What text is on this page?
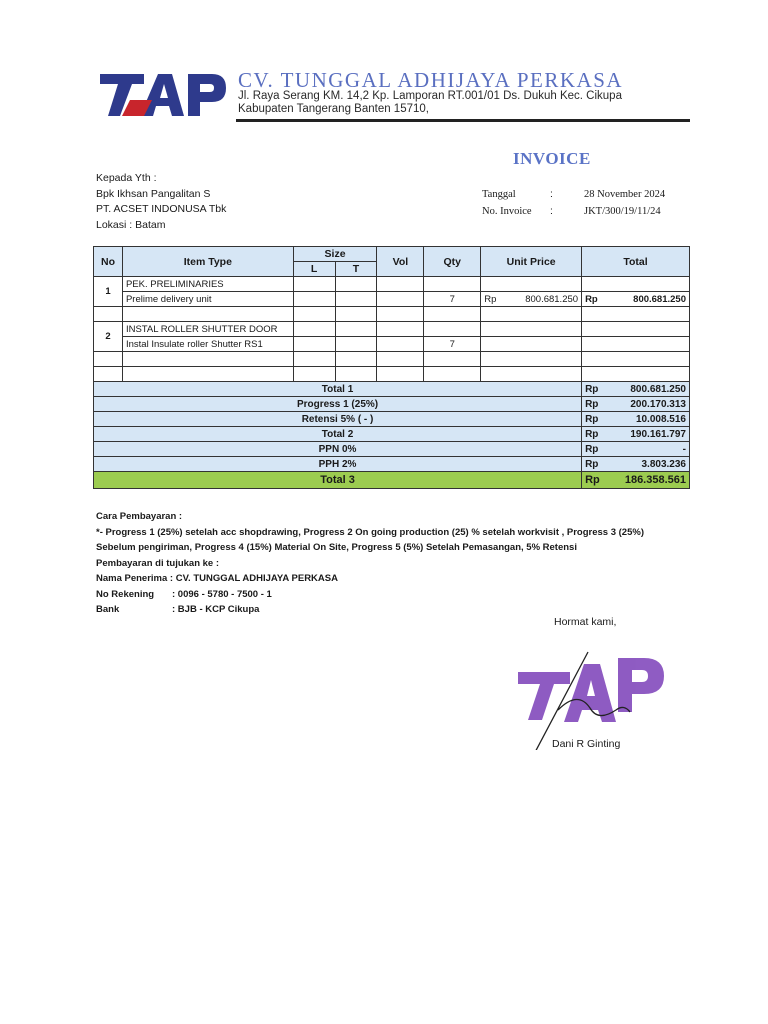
CV. TUNGGAL ADHIJAYA PERKASA
Jl. Raya Serang KM. 14,2 Kp. Lamporan RT.001/01 Ds. Dukuh Kec. Cikupa
Kabupaten Tangerang Banten 15710,
INVOICE
Kepada Yth :
Bpk Ikhsan Pangalitan S
PT. ACSET INDONUSA Tbk
Lokasi : Batam
Tanggal	:	28 November 2024
No. Invoice :	JKT/300/19/11/24
No	Item Type	Size		Vol	Qty	Unit Price	Total
		L	T				
1	PEK. PRELIMINARIES						
	Prelime delivery unit				7	Rp 800.681.250	Rp 800.681.250

2	INSTAL ROLLER SHUTTER DOOR						
	Instal Insulate roller Shutter RS1				7		

Total 1							Rp 800.681.250

Progress 1 (25%)							Rp 200.170.313

Retensi 5% ( - )							Rp 10.008.516

Total 2							Rp 190.161.797

PPN 0%							Rp -

PPH 2%							Rp 3.803.236

Total 3							Rp 186.358.561
Cara Pembayaran :
*- Progress 1 (25%) setelah acc shopdrawing, Progress 2 On going production (25) % setelah workvisit , Progress 3 (25%)
Sebelum pengiriman, Progress 4 (15%) Material On Site, Progress 5 (5%) Setelah Pemasangan, 5% Retensi
Pembayaran di tujukan ke :
Nama Penerima : CV. TUNGGAL ADHIJAYA PERKASA
No Rekening : 0096 - 5780 - 7500 - 1
Bank	: BJB - KCP Cikupa
Hormat kami,
Dani R Ginting
